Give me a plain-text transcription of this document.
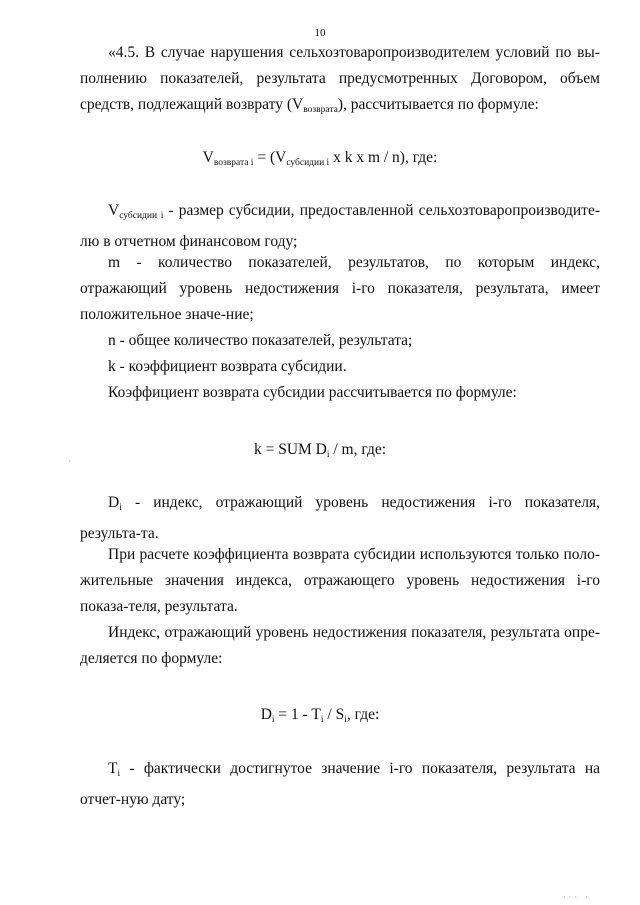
10

«4.5. В случае нарушения сельхозтоваропроизводителем условий по вы-полнению показателей, результата предусмотренных Договором, объем средств, подлежащий возврату $(V_{возврата})$, рассчитывается по формуле:

$V_{возврата i} = (V_{субсидии i}$ x k x m / n), где:

$V_{субсидии i}$ - размер субсидии, предоставленной сельхозтоваропроизводите-лю в отчетном финансовом году;

m - количество показателей, результатов, по которым индекс, отражающий уровень недостижения i-го показателя, результата, имеет положительное значе-ние;

n - общее количество показателей, результата;

k - коэффициент возврата субсидии.

Коэффициент возврата субсидии рассчитывается по формуле:

k = SUM $D_i$ / m, где:

$D_i$ - индекс, отражающий уровень недостижения i-го показателя, результа-та.

При расчете коэффициента возврата субсидии используются только поло-жительные значения индекса, отражающего уровень недостижения i-го показа-теля, результата.

Индекс, отражающий уровень недостижения показателя, результата опре-деляется по формуле:

$D_i = 1 - T_i / S_i$, где:

$T_i$ - фактически достигнутое значение i-го показателя, результата на отчет-ную дату;

·
··· ·
